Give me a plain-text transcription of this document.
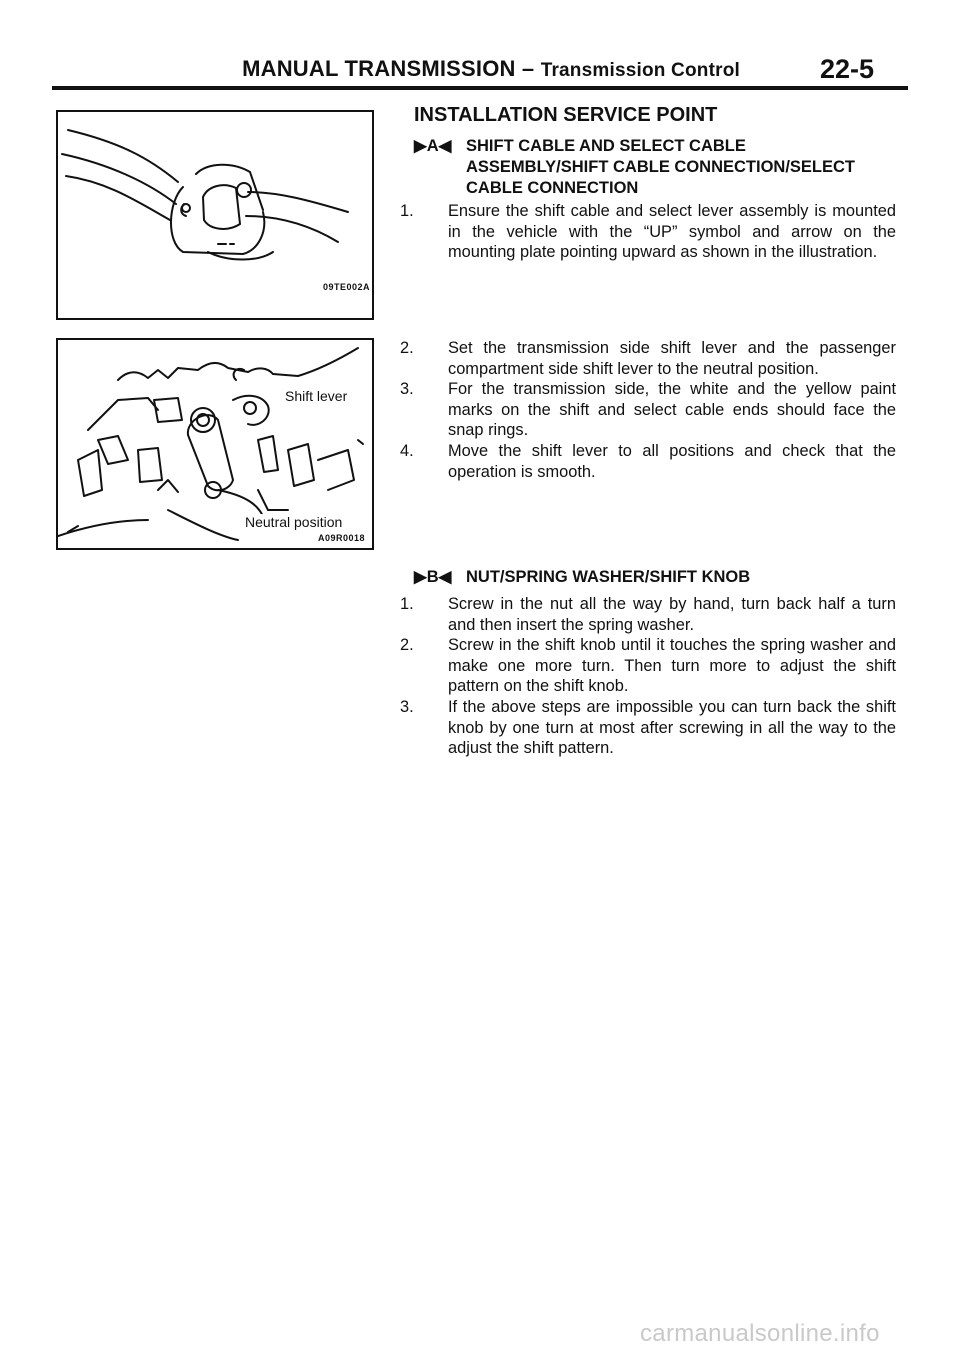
MANUAL TRANSMISSION – Transmission Control	22-5
09TE002A
Shift lever
Neutral position
A09R0018
INSTALLATION SERVICE POINT
▶A◀ SHIFT CABLE AND SELECT CABLE
ASSEMBLY/SHIFT CABLE CONNECTION/SELECT
CABLE CONNECTION
1. Ensure the shift cable and select lever assembly is mounted in the vehicle with the “UP” symbol and arrow on the mounting plate pointing upward as shown in the illustration.
2. Set the transmission side shift lever and the passenger compartment side shift lever to the neutral position.
3. For the transmission side, the white and the yellow paint marks on the shift and select cable ends should face the snap rings.
4. Move the shift lever to all positions and check that the operation is smooth.
▶B◀ NUT/SPRING WASHER/SHIFT KNOB
1. Screw in the nut all the way by hand, turn back half a turn and then insert the spring washer.
2. Screw in the shift knob until it touches the spring washer and make one more turn. Then turn more to adjust the shift pattern on the shift knob.
3. If the above steps are impossible you can turn back the shift knob by one turn at most after screwing in all the way to the adjust the shift pattern.
carmanualsonline.info
